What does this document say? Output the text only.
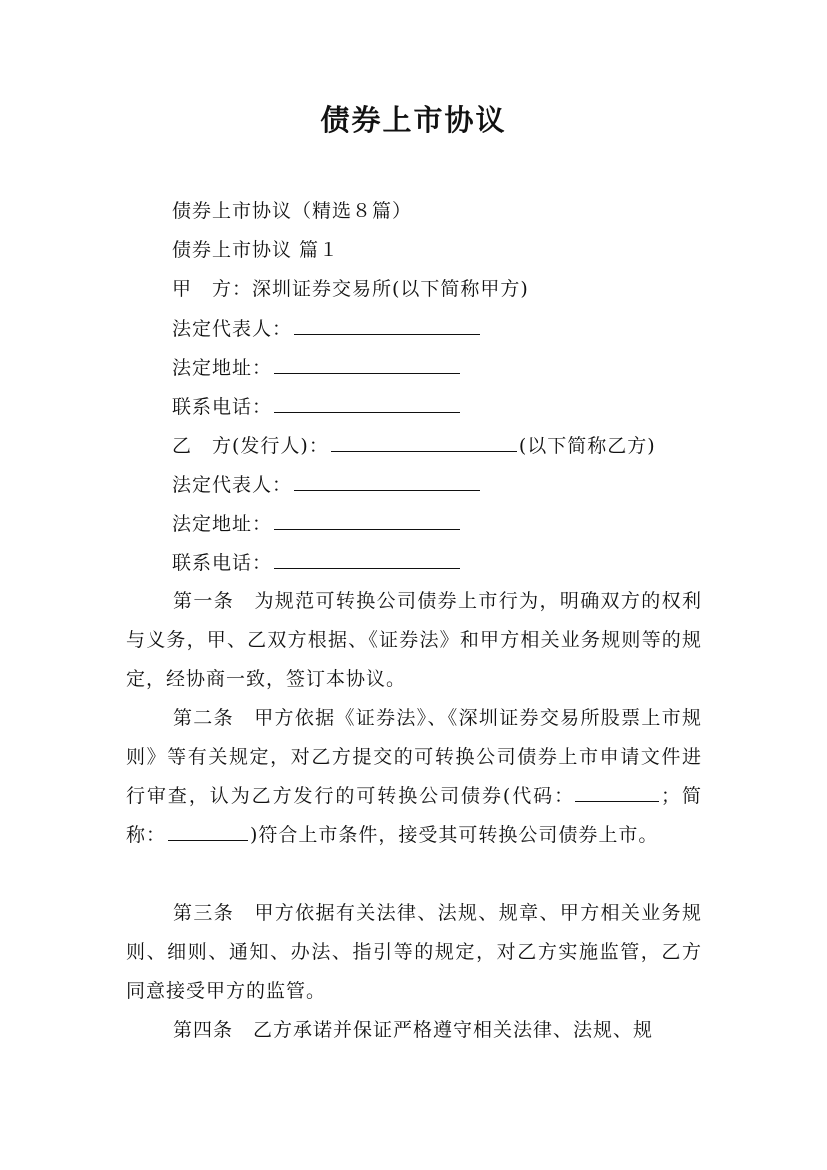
债券上市协议
债券上市协议（精选８篇）
债券上市协议 篇１
甲　方：深圳证券交易所(以下简称甲方)
法定代表人：
法定地址：
联系电话：
乙　方(发行人)：	(以下简称乙方)
法定代表人：
法定地址：
联系电话：

第一条　为规范可转换公司债券上市行为，明确双方的权利与义务，甲、乙双方根据、《证券法》和甲方相关业务规则等的规定，经协商一致，签订本协议。

第二条　甲方依据《证券法》、《深圳证券交易所股票上市规则》等有关规定，对乙方提交的可转换公司债券上市申请文件进行审查，认为乙方发行的可转换公司债券(代码：	；简称：	)符合上市条件，接受其可转换公司债券上市。

第三条　甲方依据有关法律、法规、规章、甲方相关业务规则、细则、通知、办法、指引等的规定，对乙方实施监管，乙方同意接受甲方的监管。

第四条　乙方承诺并保证严格遵守相关法律、法规、规
